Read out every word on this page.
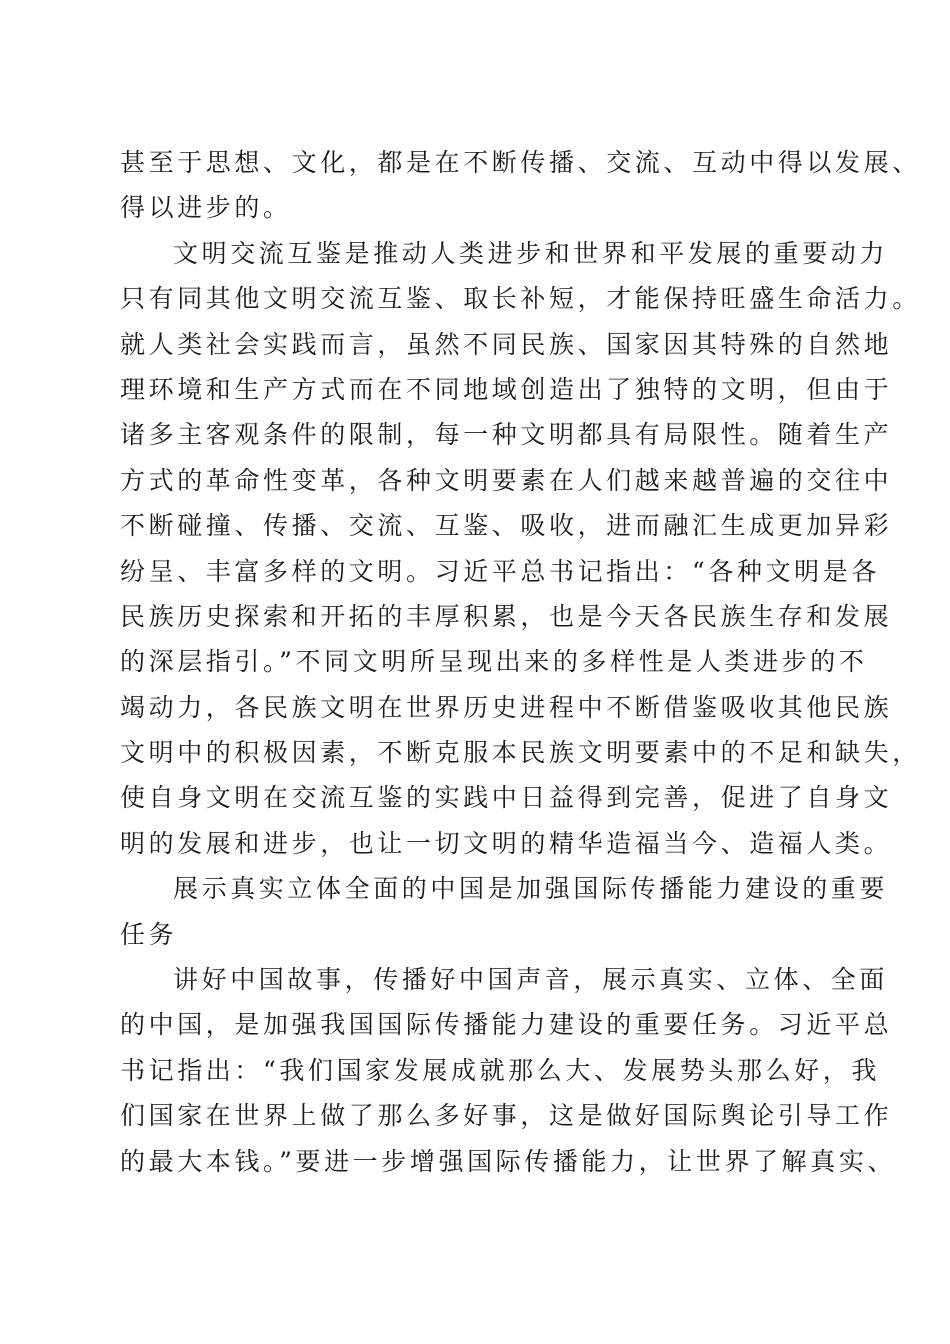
甚至于思想、文化，都是在不断传播、交流、互动中得以发展、
得以进步的。
文明交流互鉴是推动人类进步和世界和平发展的重要动力
只有同其他文明交流互鉴、取长补短，才能保持旺盛生命活力。
就人类社会实践而言，虽然不同民族、国家因其特殊的自然地
理环境和生产方式而在不同地域创造出了独特的文明，但由于
诸多主客观条件的限制，每一种文明都具有局限性。随着生产
方式的革命性变革，各种文明要素在人们越来越普遍的交往中
不断碰撞、传播、交流、互鉴、吸收，进而融汇生成更加异彩
纷呈、丰富多样的文明。习近平总书记指出：“各种文明是各
民族历史探索和开拓的丰厚积累，也是今天各民族生存和发展
的深层指引。”不同文明所呈现出来的多样性是人类进步的不
竭动力，各民族文明在世界历史进程中不断借鉴吸收其他民族
文明中的积极因素，不断克服本民族文明要素中的不足和缺失，
使自身文明在交流互鉴的实践中日益得到完善，促进了自身文
明的发展和进步，也让一切文明的精华造福当今、造福人类。
展示真实立体全面的中国是加强国际传播能力建设的重要
任务
讲好中国故事，传播好中国声音，展示真实、立体、全面
的中国，是加强我国国际传播能力建设的重要任务。习近平总
书记指出：“我们国家发展成就那么大、发展势头那么好，我
们国家在世界上做了那么多好事，这是做好国际舆论引导工作
的最大本钱。”要进一步增强国际传播能力，让世界了解真实、
